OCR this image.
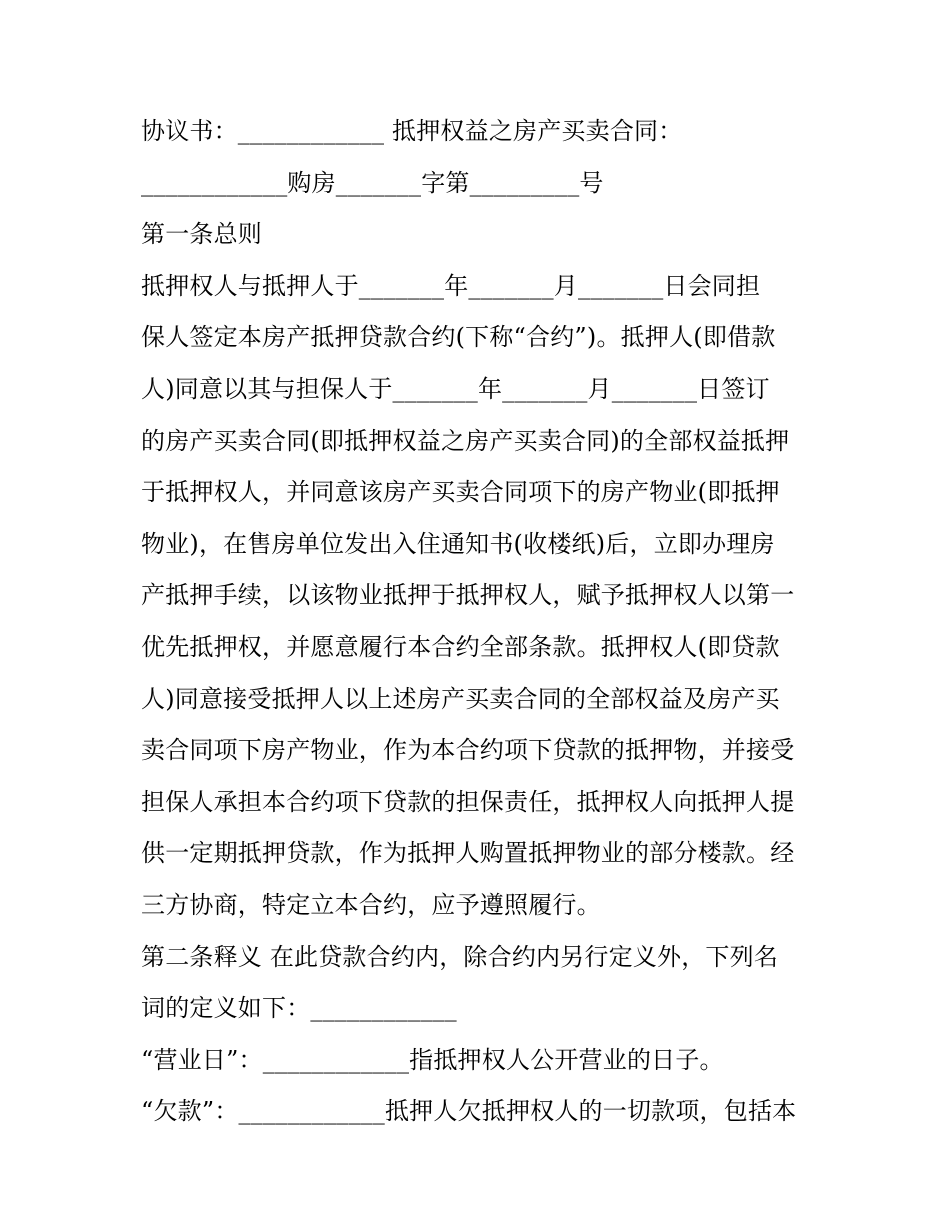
协议书：____________ 抵押权益之房产买卖合同：
____________购房_______字第_________号
第一条总则
抵押权人与抵押人于_______年_______月_______日会同担
保人签定本房产抵押贷款合约(下称“合约”)。抵押人(即借款
人)同意以其与担保人于_______年_______月_______日签订
的房产买卖合同(即抵押权益之房产买卖合同)的全部权益抵押
于抵押权人，并同意该房产买卖合同项下的房产物业(即抵押
物业)，在售房单位发出入住通知书(收楼纸)后，立即办理房
产抵押手续，以该物业抵押于抵押权人，赋予抵押权人以第一
优先抵押权，并愿意履行本合约全部条款。抵押权人(即贷款
人)同意接受抵押人以上述房产买卖合同的全部权益及房产买
卖合同项下房产物业，作为本合约项下贷款的抵押物，并接受
担保人承担本合约项下贷款的担保责任，抵押权人向抵押人提
供一定期抵押贷款，作为抵押人购置抵押物业的部分楼款。经
三方协商，特定立本合约，应予遵照履行。
第二条释义 在此贷款合约内，除合约内另行定义外，下列名
词的定义如下：____________
“营业日”：____________指抵押权人公开营业的日子。
“欠款”：____________抵押人欠抵押权人的一切款项，包括本
